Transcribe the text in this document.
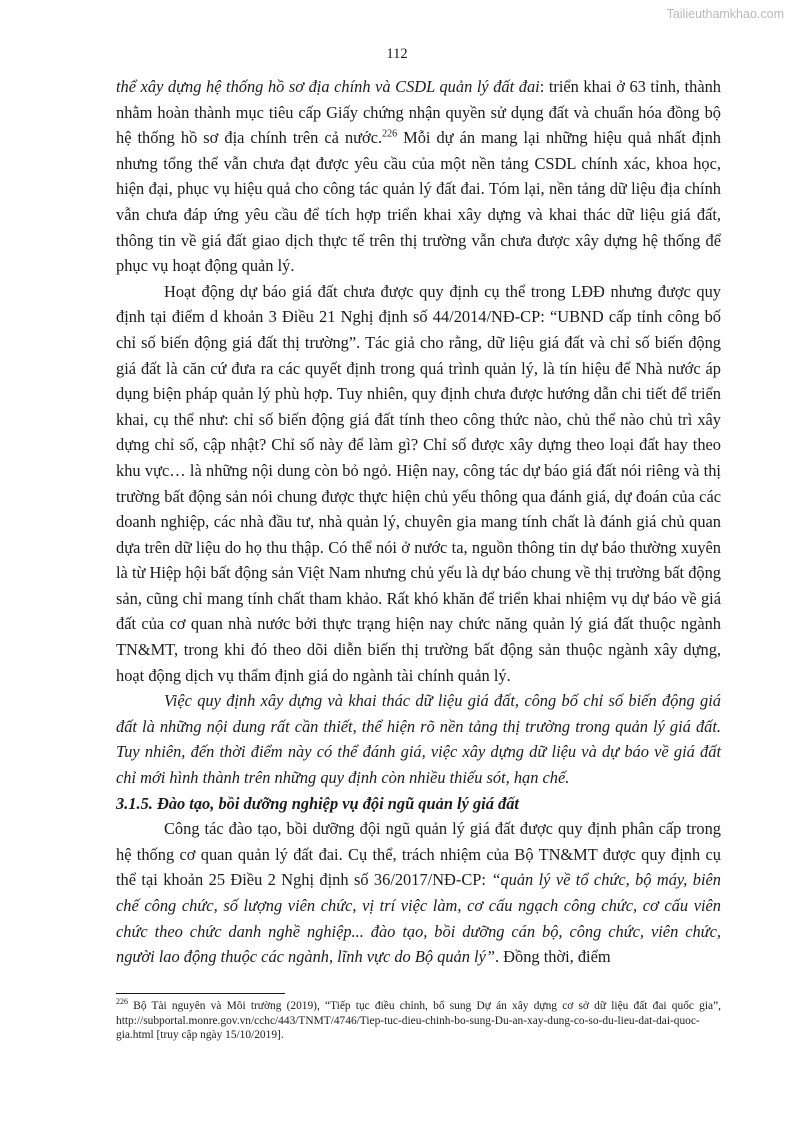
Tailieuthamkhao.com
112

thể xây dựng hệ thống hồ sơ địa chính và CSDL quản lý đất đai: triển khai ở 63 tỉnh, thành nhằm hoàn thành mục tiêu cấp Giấy chứng nhận quyền sử dụng đất và chuẩn hóa đồng bộ hệ thống hồ sơ địa chính trên cả nước.$^{226}$ Mỗi dự án mang lại những hiệu quả nhất định nhưng tổng thể vẫn chưa đạt được yêu cầu của một nền tảng CSDL chính xác, khoa học, hiện đại, phục vụ hiệu quả cho công tác quản lý đất đai. Tóm lại, nền tảng dữ liệu địa chính vẫn chưa đáp ứng yêu cầu để tích hợp triển khai xây dựng và khai thác dữ liệu giá đất, thông tin về giá đất giao dịch thực tế trên thị trường vẫn chưa được xây dựng hệ thống để phục vụ hoạt động quản lý.

Hoạt động dự báo giá đất chưa được quy định cụ thể trong LĐĐ nhưng được quy định tại điểm d khoản 3 Điều 21 Nghị định số 44/2014/NĐ-CP: “UBND cấp tỉnh công bố chỉ số biến động giá đất thị trường”. Tác giả cho rằng, dữ liệu giá đất và chỉ số biến động giá đất là căn cứ đưa ra các quyết định trong quá trình quản lý, là tín hiệu để Nhà nước áp dụng biện pháp quản lý phù hợp. Tuy nhiên, quy định chưa được hướng dẫn chi tiết để triển khai, cụ thể như: chỉ số biến động giá đất tính theo công thức nào, chủ thể nào chủ trì xây dựng chỉ số, cập nhật? Chỉ số này để làm gì? Chỉ số được xây dựng theo loại đất hay theo khu vực… là những nội dung còn bỏ ngỏ. Hiện nay, công tác dự báo giá đất nói riêng và thị trường bất động sản nói chung được thực hiện chủ yếu thông qua đánh giá, dự đoán của các doanh nghiệp, các nhà đầu tư, nhà quản lý, chuyên gia mang tính chất là đánh giá chủ quan dựa trên dữ liệu do họ thu thập. Có thể nói ở nước ta, nguồn thông tin dự báo thường xuyên là từ Hiệp hội bất động sản Việt Nam nhưng chủ yếu là dự báo chung về thị trường bất động sản, cũng chỉ mang tính chất tham khảo. Rất khó khăn để triển khai nhiệm vụ dự báo về giá đất của cơ quan nhà nước bởi thực trạng hiện nay chức năng quản lý giá đất thuộc ngành TN&MT, trong khi đó theo dõi diễn biến thị trường bất động sản thuộc ngành xây dựng, hoạt động dịch vụ thẩm định giá do ngành tài chính quản lý.

Việc quy định xây dựng và khai thác dữ liệu giá đất, công bố chỉ số biến động giá đất là những nội dung rất cần thiết, thể hiện rõ nền tảng thị trường trong quản lý giá đất. Tuy nhiên, đến thời điểm này có thể đánh giá, việc xây dựng dữ liệu và dự báo về giá đất chỉ mới hình thành trên những quy định còn nhiều thiếu sót, hạn chế.

3.1.5. Đào tạo, bồi dưỡng nghiệp vụ đội ngũ quản lý giá đất

Công tác đào tạo, bồi dưỡng đội ngũ quản lý giá đất được quy định phân cấp trong hệ thống cơ quan quản lý đất đai. Cụ thể, trách nhiệm của Bộ TN&MT được quy định cụ thể tại khoản 25 Điều 2 Nghị định số 36/2017/NĐ-CP: “quản lý về tổ chức, bộ máy, biên chế công chức, số lượng viên chức, vị trí việc làm, cơ cấu ngạch công chức, cơ cấu viên chức theo chức danh nghề nghiệp... đào tạo, bồi dưỡng cán bộ, công chức, viên chức, người lao động thuộc các ngành, lĩnh vực do Bộ quản lý”. Đồng thời, điểm

$^{226}$ Bộ Tài nguyên và Môi trường (2019), “Tiếp tục điều chỉnh, bổ sung Dự án xây dựng cơ sở dữ liệu đất đai quốc gia”, http://subportal.monre.gov.vn/cchc/443/TNMT/4746/Tiep-tuc-dieu-chinh-bo-sung-Du-an-xay-dung-co-so-du-lieu-dat-dai-quoc-gia.html [truy cập ngày 15/10/2019].
